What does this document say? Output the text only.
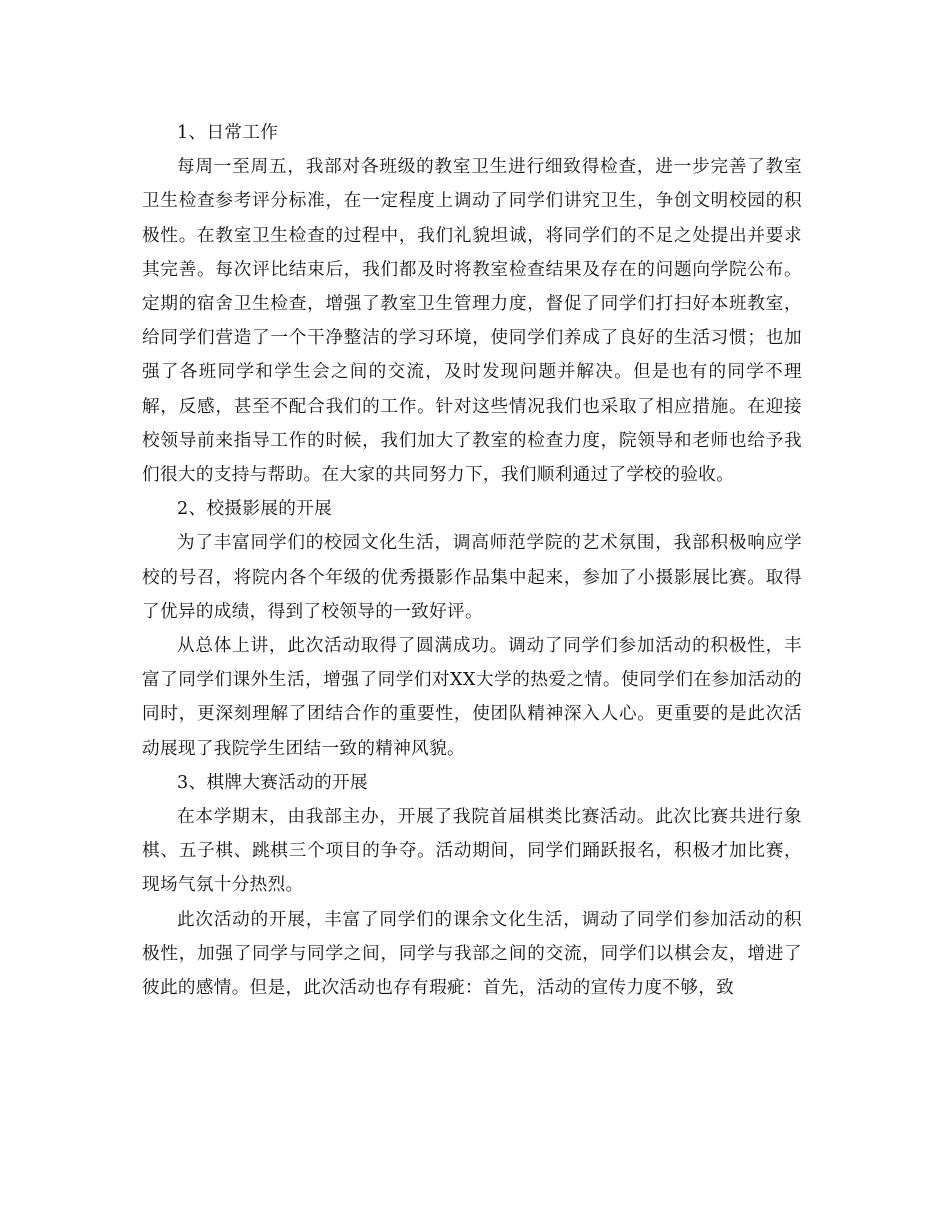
1、日常工作

每周一至周五，我部对各班级的教室卫生进行细致得检查，进一步完善了教室卫生检查参考评分标准，在一定程度上调动了同学们讲究卫生，争创文明校园的积极性。在教室卫生检查的过程中，我们礼貌坦诚，将同学们的不足之处提出并要求其完善。每次评比结束后，我们都及时将教室检查结果及存在的问题向学院公布。定期的宿舍卫生检查，增强了教室卫生管理力度，督促了同学们打扫好本班教室，给同学们营造了一个干净整洁的学习环境，使同学们养成了良好的生活习惯；也加强了各班同学和学生会之间的交流，及时发现问题并解决。但是也有的同学不理解，反感，甚至不配合我们的工作。针对这些情况我们也采取了相应措施。在迎接校领导前来指导工作的时候，我们加大了教室的检查力度，院领导和老师也给予我们很大的支持与帮助。在大家的共同努力下，我们顺利通过了学校的验收。

2、校摄影展的开展

为了丰富同学们的校园文化生活，调高师范学院的艺术氛围，我部积极响应学校的号召，将院内各个年级的优秀摄影作品集中起来，参加了小摄影展比赛。取得了优异的成绩，得到了校领导的一致好评。

从总体上讲，此次活动取得了圆满成功。调动了同学们参加活动的积极性，丰富了同学们课外生活，增强了同学们对XX大学的热爱之情。使同学们在参加活动的同时，更深刻理解了团结合作的重要性，使团队精神深入人心。更重要的是此次活动展现了我院学生团结一致的精神风貌。

3、棋牌大赛活动的开展

在本学期末，由我部主办，开展了我院首届棋类比赛活动。此次比赛共进行象棋、五子棋、跳棋三个项目的争夺。活动期间，同学们踊跃报名，积极才加比赛，现场气氛十分热烈。

此次活动的开展，丰富了同学们的课余文化生活，调动了同学们参加活动的积极性，加强了同学与同学之间，同学与我部之间的交流，同学们以棋会友，增进了彼此的感情。但是，此次活动也存有瑕疵：首先，活动的宣传力度不够，致
